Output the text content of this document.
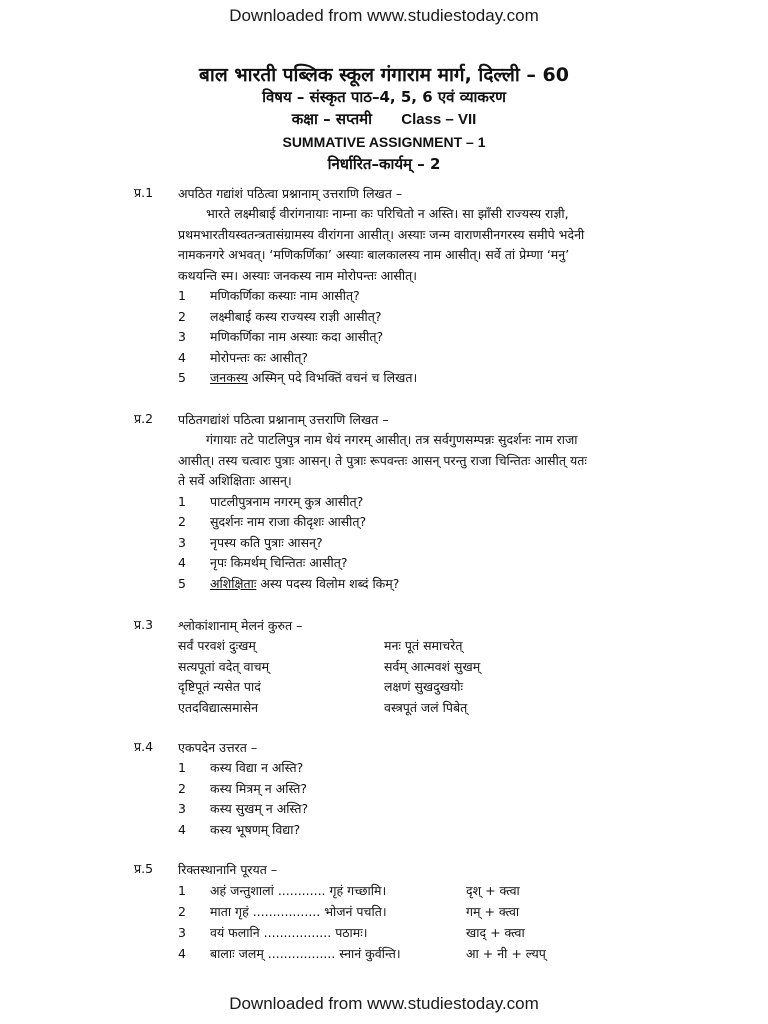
Downloaded from www.studiestoday.com
बाल भारती पब्लिक स्कूल गंगाराम मार्ग, दिल्ली – 60
विषय – संस्कृत पाठ–4, 5, 6 एवं व्याकरण
कक्षा – सप्तमी Class – VII
SUMMATIVE ASSIGNMENT – 1
निर्धारित–कार्यम् – 2
प्र.1	अपठित गद्यांशं पठित्वा प्रश्नानाम् उत्तराणि लिखत –
भारते लक्ष्मीबाई वीरांगनायाः नाम्ना कः परिचितो न अस्ति। सा झाँसी राज्यस्य राज्ञी,
प्रथमभारतीयस्वतन्त्रतासंग्रामस्य वीरांगना आसीत्। अस्याः जन्म वाराणसीनगरस्य समीपे भदेनी
नामकनगरे अभवत्। ‘मणिकर्णिका’ अस्याः बालकालस्य नाम आसीत्। सर्वे तां प्रेम्णा ‘मनु’
कथयन्ति स्म। अस्याः जनकस्य नाम मोरोपन्तः आसीत्।
1 मणिकर्णिका कस्याः नाम आसीत्?
2 लक्ष्मीबाई कस्य राज्यस्य राज्ञी आसीत्?
3 मणिकर्णिका नाम अस्याः कदा आसीत्?
4 मोरोपन्तः कः आसीत्?
5 जनकस्य अस्मिन् पदे विभक्तिं वचनं च लिखत।
प्र.2	पठितगद्यांशं पठित्वा प्रश्नानाम् उत्तराणि लिखत –
गंगायाः तटे पाटलिपुत्र नाम धेयं नगरम् आसीत्। तत्र सर्वगुणसम्पन्नः सुदर्शनः नाम राजा
आसीत्। तस्य चत्वारः पुत्राः आसन्। ते पुत्राः रूपवन्तः आसन् परन्तु राजा चिन्तितः आसीत् यतः
ते सर्वे अशिक्षिताः आसन्।
1 पाटलीपुत्रनाम नगरम् कुत्र आसीत्?
2 सुदर्शनः नाम राजा कीदृशः आसीत्?
3 नृपस्य कति पुत्राः आसन्?
4 नृपः किमर्थम् चिन्तितः आसीत्?
5 अशिक्षिताः अस्य पदस्य विलोम शब्दं किम्?
प्र.3	श्लोकांशानाम् मेलनं कुरुत –
सर्वं परवशं दुःखम्	मनः पूतं समाचरेत्
सत्यपूतां वदेत् वाचम्	सर्वम् आत्मवशं सुखम्
दृष्टिपूतं न्यसेत पादं	लक्षणं सुखदुखयोः
एतदविद्यात्समासेन	वस्त्रपूतं जलं पिबेत्
प्र.4	एकपदेन उत्तरत –
1 कस्य विद्या न अस्ति?
2 कस्य मित्रम् न अस्ति?
3 कस्य सुखम् न अस्ति?
4 कस्य भूषणम् विद्या?
प्र.5	रिक्तस्थानानि पूरयत –
1 अहं जन्तुशालां ............ गृहं गच्छामि।	दृश् + क्त्वा
2 माता गृहं ................. भोजनं पचति।	गम् + क्त्वा
3 वयं फलानि ................. पठामः।	खाद् + क्त्वा
4 बालाः जलम् ................. स्नानं कुर्वन्ति।	आ + नी + ल्यप्
Downloaded from www.studiestoday.com
